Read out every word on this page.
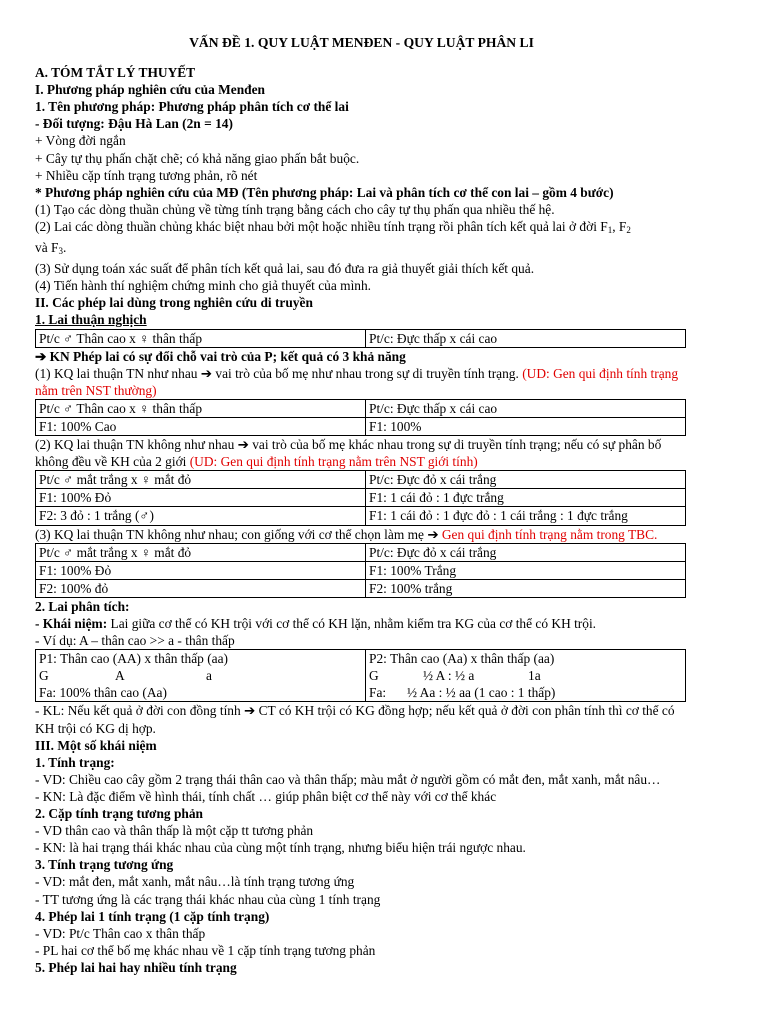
VẤN ĐỀ 1. QUY LUẬT MENĐEN - QUY LUẬT PHÂN LI
A. TÓM TẮT LÝ THUYẾT
I. Phương pháp nghiên cứu của Menđen
1. Tên phương pháp: Phương pháp phân tích cơ thể lai
- Đối tượng: Đậu Hà Lan (2n = 14)
+ Vòng đời ngắn
+ Cây tự thụ phấn chặt chẽ; có khả năng giao phấn bắt buộc.
+ Nhiều cặp tính trạng tương phản, rõ nét
* Phương pháp nghiên cứu của MĐ (Tên phương pháp: Lai và phân tích cơ thể con lai – gồm 4 bước)
(1) Tạo các dòng thuần chủng về từng tính trạng bằng cách cho cây tự thụ phấn qua nhiều thế hệ.
(2) Lai các dòng thuần chủng khác biệt nhau bởi một hoặc nhiều tính trạng rồi phân tích kết quả lai ở đời $F_1$, $F_2$
và $F_3$.
(3) Sử dụng toán xác suất để phân tích kết quả lai, sau đó đưa ra giả thuyết giải thích kết quả.
(4) Tiến hành thí nghiệm chứng minh cho giả thuyết của mình.
II. Các phép lai dùng trong nghiên cứu di truyền
1. Lai thuận nghịch
Pt/c ♂ Thân cao x ♀ thân thấp	Pt/c: Đực thấp x cái cao
➔ KN Phép lai có sự đổi chỗ vai trò của P; kết quả có 3 khả năng
(1) KQ lai thuận TN như nhau ➔ vai trò của bố mẹ như nhau trong sự di truyền tính trạng. (UD: Gen qui định tính trạng nằm trên NST thường)
Pt/c ♂ Thân cao x ♀ thân thấp	Pt/c: Đực thấp x cái cao
F1: 100% Cao	F1: 100%
(2) KQ lai thuận TN không như nhau ➔ vai trò của bố mẹ khác nhau trong sự di truyền tính trạng; nếu có sự phân bố không đều về KH của 2 giới (UD: Gen qui định tính trạng nằm trên NST giới tính)
Pt/c ♂ mắt trắng x ♀ mắt đỏ	Pt/c: Đực đỏ x cái trắng
F1: 100% Đỏ	F1: 1 cái đỏ : 1 đực trắng
F2: 3 đỏ : 1 trắng (♂)	F1: 1 cái đỏ : 1 đực đỏ : 1 cái trắng : 1 đực trắng
(3) KQ lai thuận TN không như nhau; con giống với cơ thể chọn làm mẹ ➔ Gen qui định tính trạng nằm trong TBC.
Pt/c ♂ mắt trắng x ♀ mắt đỏ	Pt/c: Đực đỏ x cái trắng
F1: 100% Đỏ	F1: 100% Trắng
F2: 100% đỏ	F2: 100% trắng
2. Lai phân tích:
- Khái niệm: Lai giữa cơ thể có KH trội với cơ thể có KH lặn, nhằm kiểm tra KG của cơ thể có KH trội.
- Ví dụ: A – thân cao >> a - thân thấp
P1: Thân cao (AA) x thân thấp (aa)	P2: Thân cao (Aa) x thân thấp (aa)
G A a	G ½ A : ½ a 1a
Fa: 100% thân cao (Aa)	Fa: ½ Aa : ½ aa (1 cao : 1 thấp)
- KL: Nếu kết quả ở đời con đồng tính ➔ CT có KH trội có KG đồng hợp; nếu kết quả ở đời con phân tính thì cơ thể có KH trội có KG dị hợp.
III. Một số khái niệm
1. Tính trạng:
- VD: Chiều cao cây gồm 2 trạng thái thân cao và thân thấp; màu mắt ở người gồm có mắt đen, mắt xanh, mắt nâu…
- KN: Là đặc điểm về hình thái, tính chất … giúp phân biệt cơ thể này với cơ thể khác
2. Cặp tính trạng tương phản
- VD thân cao và thân thấp là một cặp tt tương phản
- KN: là hai trạng thái khác nhau của cùng một tính trạng, nhưng biểu hiện trái ngược nhau.
3. Tính trạng tương ứng
- VD: mắt đen, mắt xanh, mắt nâu…là tính trạng tương ứng
- TT tương ứng là các trạng thái khác nhau của cùng 1 tính trạng
4. Phép lai 1 tính trạng (1 cặp tính trạng)
- VD: Pt/c Thân cao x thân thấp
- PL hai cơ thể bố mẹ khác nhau về 1 cặp tính trạng tương phản
5. Phép lai hai hay nhiều tính trạng
